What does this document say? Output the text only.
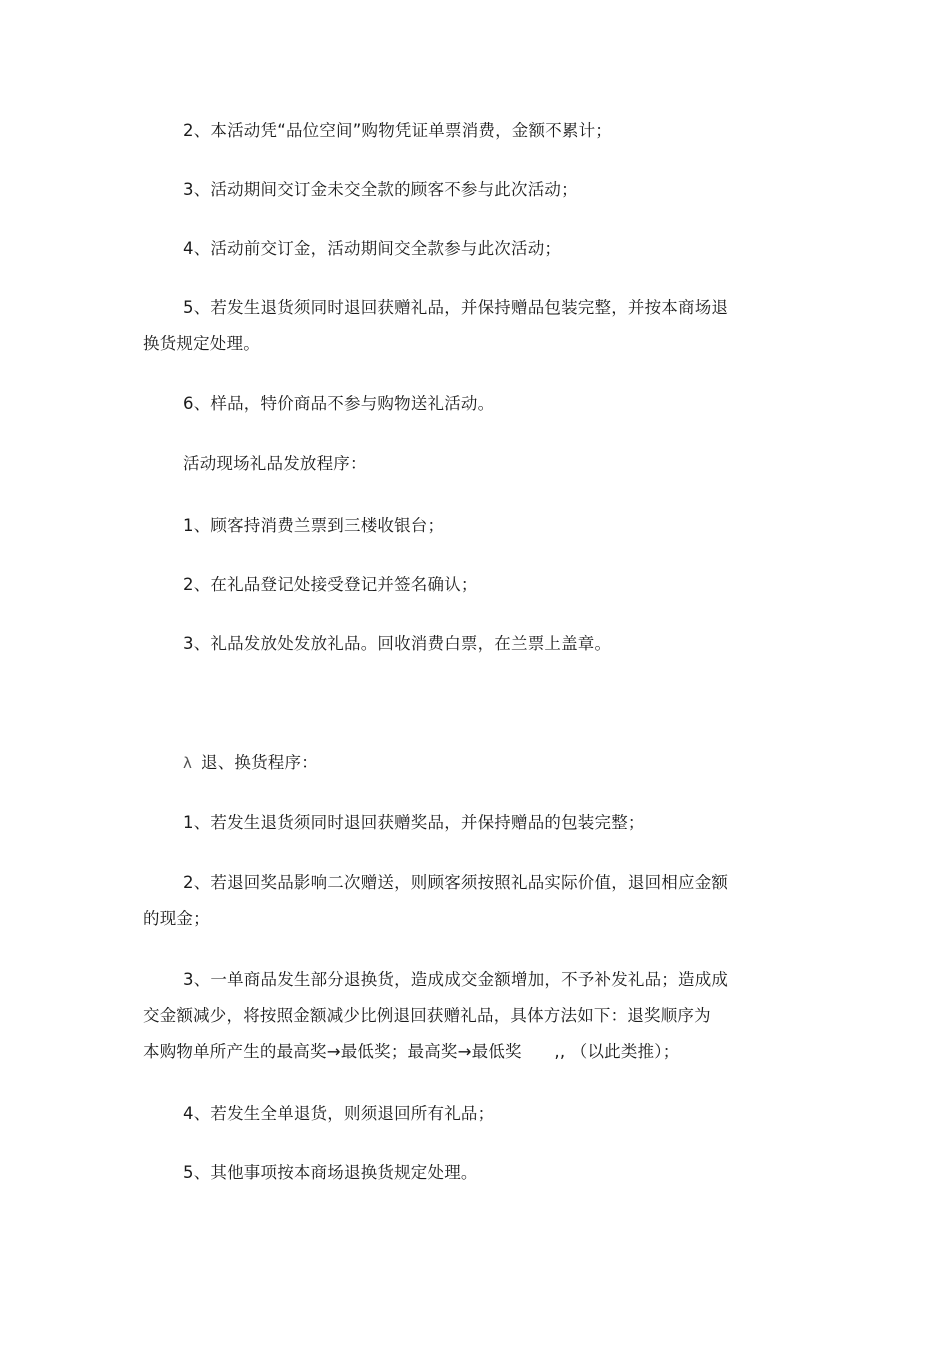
2、本活动凭“品位空间”购物凭证单票消费，金额不累计；
3、活动期间交订金未交全款的顾客不参与此次活动；
4、活动前交订金，活动期间交全款参与此次活动；
5、若发生退货须同时退回获赠礼品，并保持赠品包装完整，并按本商场退
换货规定处理。
6、样品，特价商品不参与购物送礼活动。
活动现场礼品发放程序：
1、顾客持消费兰票到三楼收银台；
2、在礼品登记处接受登记并签名确认；
3、礼品发放处发放礼品。回收消费白票，在兰票上盖章。
λ 退、换货程序：
1、若发生退货须同时退回获赠奖品，并保持赠品的包装完整；
2、若退回奖品影响二次赠送，则顾客须按照礼品实际价值，退回相应金额
的现金；
3、一单商品发生部分退换货，造成成交金额增加，不予补发礼品；造成成
交金额减少，将按照金额减少比例退回获赠礼品，具体方法如下：退奖顺序为
本购物单所产生的最高奖→最低奖；最高奖→最低奖      ,, （以此类推）；
4、若发生全单退货，则须退回所有礼品；
5、其他事项按本商场退换货规定处理。
